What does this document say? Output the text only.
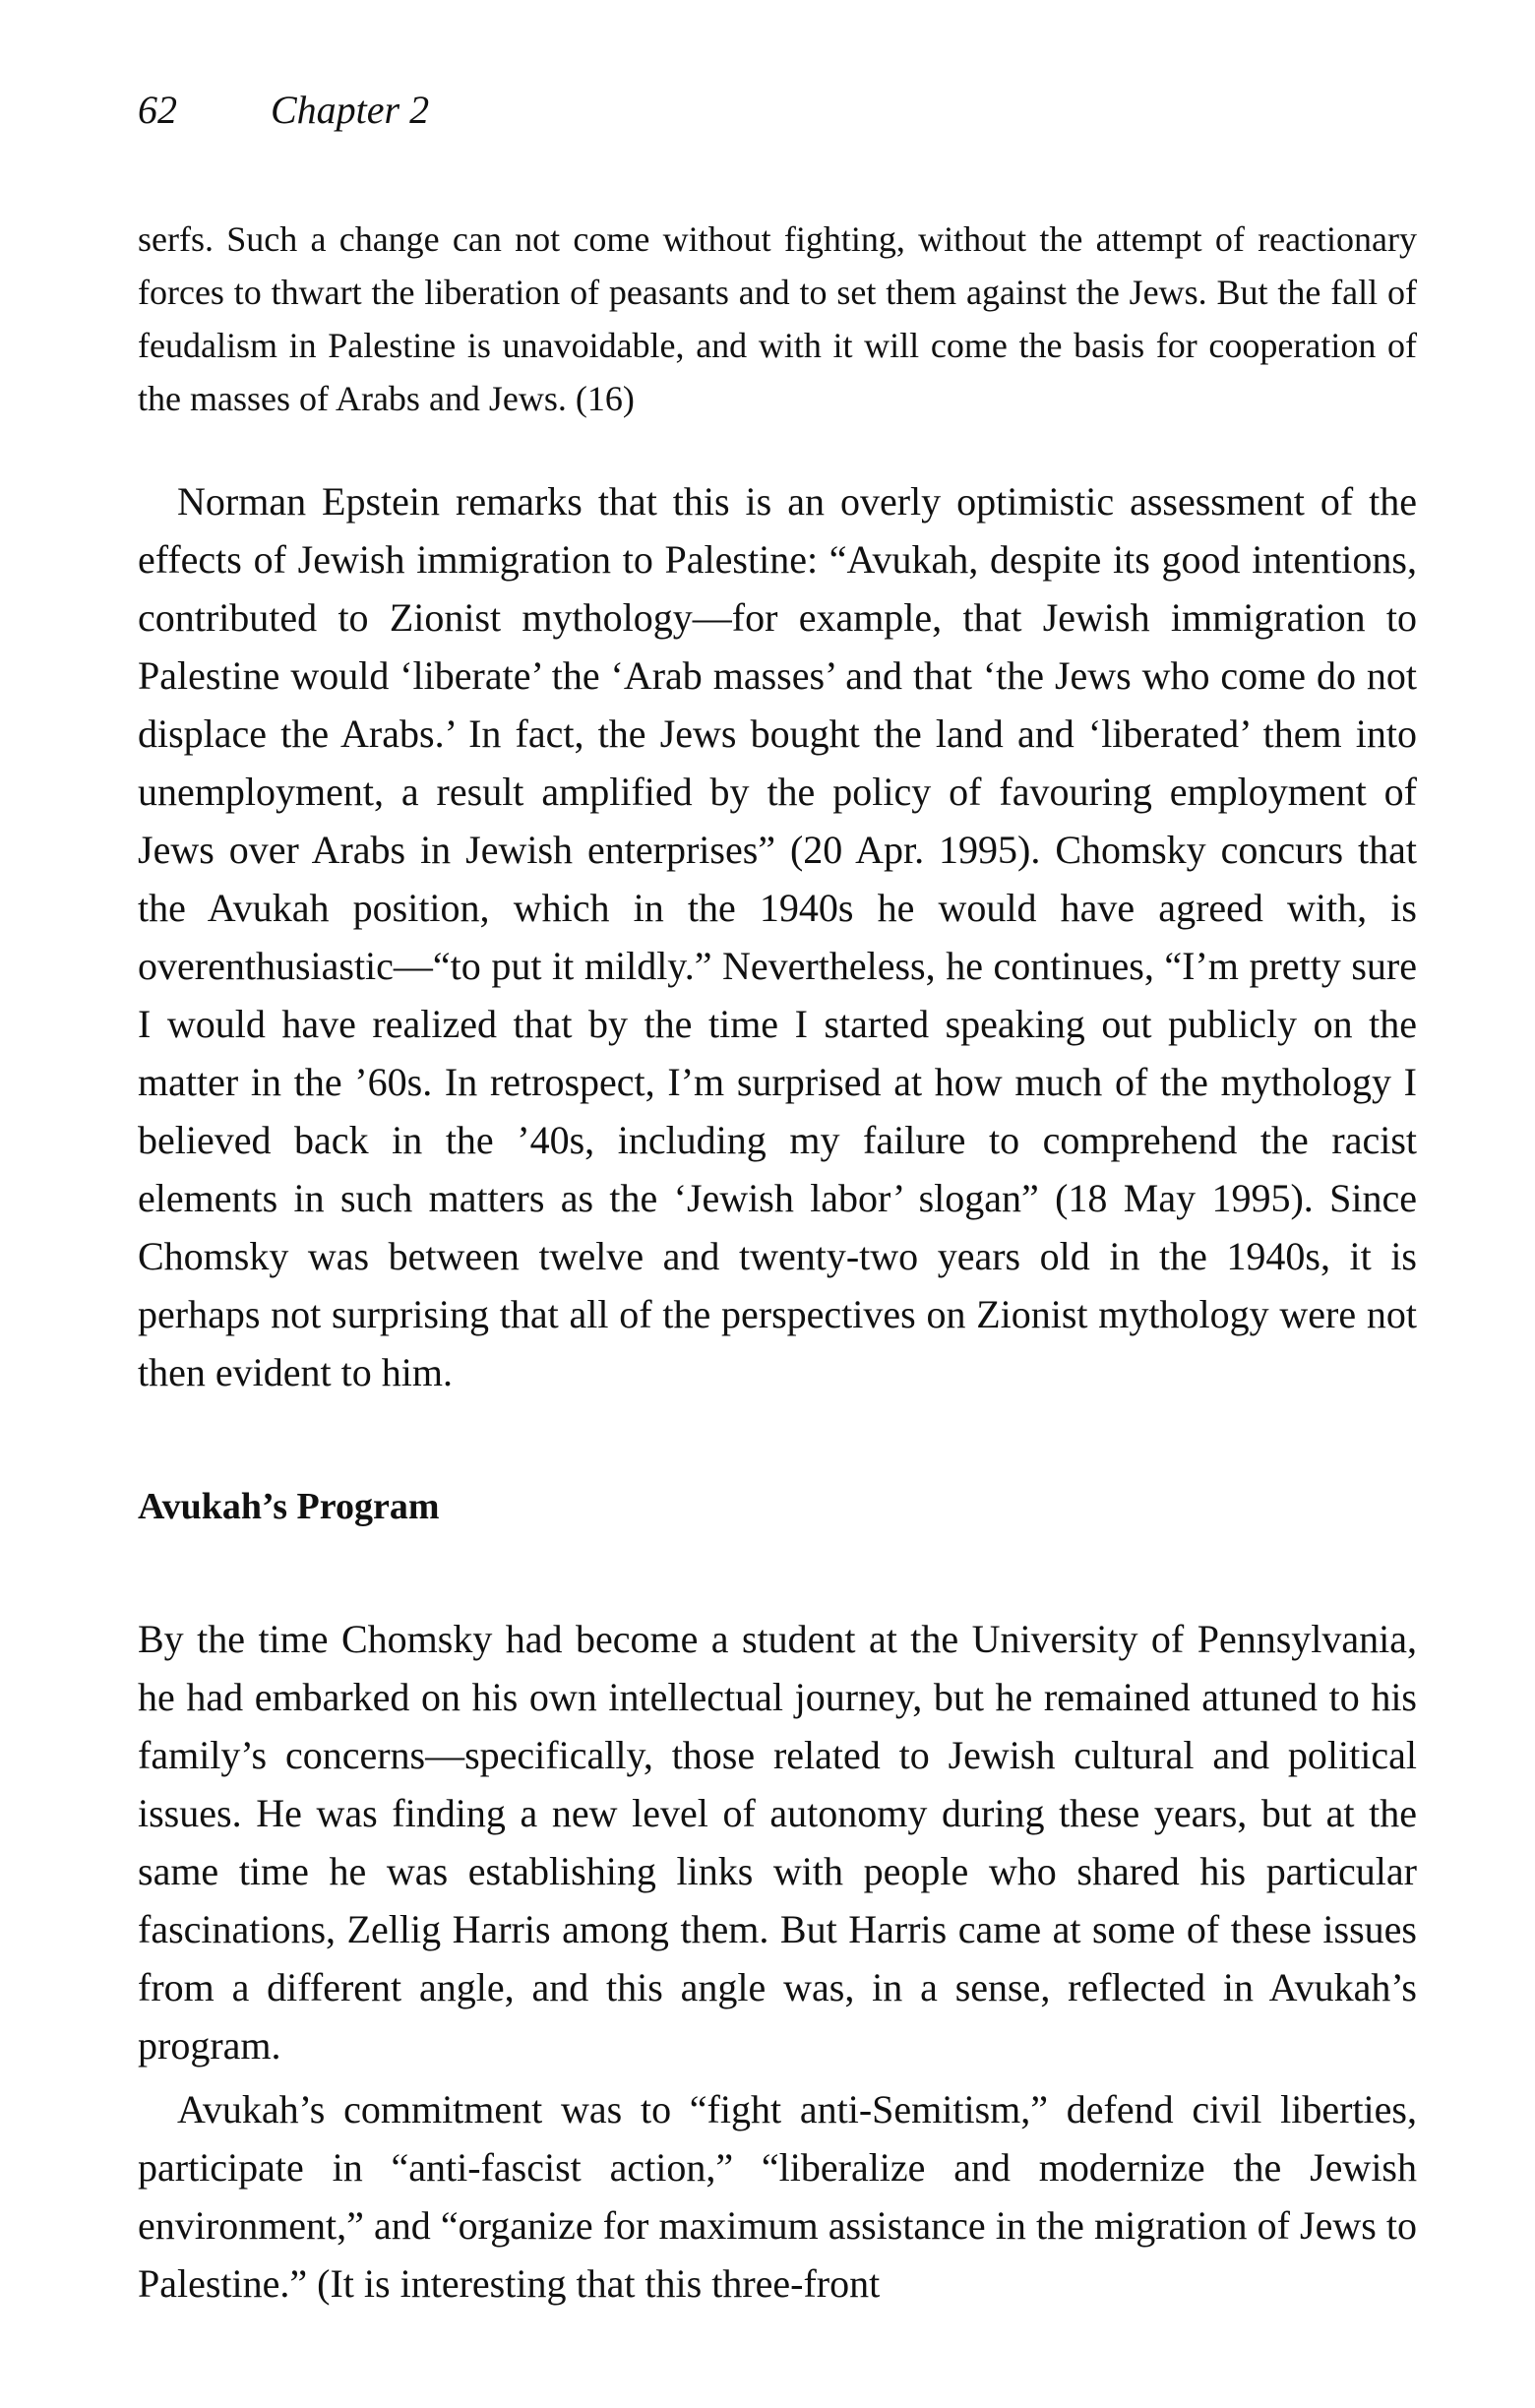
62 Chapter 2

serfs. Such a change can not come without fighting, without the attempt of reactionary forces to thwart the liberation of peasants and to set them against the Jews. But the fall of feudalism in Palestine is unavoidable, and with it will come the basis for cooperation of the masses of Arabs and Jews. (16)

Norman Epstein remarks that this is an overly optimistic assessment of the effects of Jewish immigration to Palestine: “Avukah, despite its good intentions, contributed to Zionist mythology—for example, that Jewish immigration to Palestine would ‘liberate’ the ‘Arab masses’ and that ‘the Jews who come do not displace the Arabs.’ In fact, the Jews bought the land and ‘liberated’ them into unemployment, a result amplified by the policy of favouring employment of Jews over Arabs in Jewish enterprises” (20 Apr. 1995). Chomsky concurs that the Avukah position, which in the 1940s he would have agreed with, is overenthusiastic—“to put it mildly.” Nevertheless, he continues, “I’m pretty sure I would have realized that by the time I started speaking out publicly on the matter in the ’60s. In retrospect, I’m surprised at how much of the mythology I believed back in the ’40s, including my failure to comprehend the racist elements in such matters as the ‘Jewish labor’ slogan” (18 May 1995). Since Chomsky was between twelve and twenty-two years old in the 1940s, it is perhaps not surprising that all of the perspectives on Zionist mythology were not then evident to him.

Avukah’s Program

By the time Chomsky had become a student at the University of Pennsylvania, he had embarked on his own intellectual journey, but he remained attuned to his family’s concerns—specifically, those related to Jewish cultural and political issues. He was finding a new level of autonomy during these years, but at the same time he was establishing links with people who shared his particular fascinations, Zellig Harris among them. But Harris came at some of these issues from a different angle, and this angle was, in a sense, reflected in Avukah’s program.

Avukah’s commitment was to “fight anti-Semitism,” defend civil liberties, participate in “anti-fascist action,” “liberalize and modernize the Jewish environment,” and “organize for maximum assistance in the migration of Jews to Palestine.” (It is interesting that this three-front
